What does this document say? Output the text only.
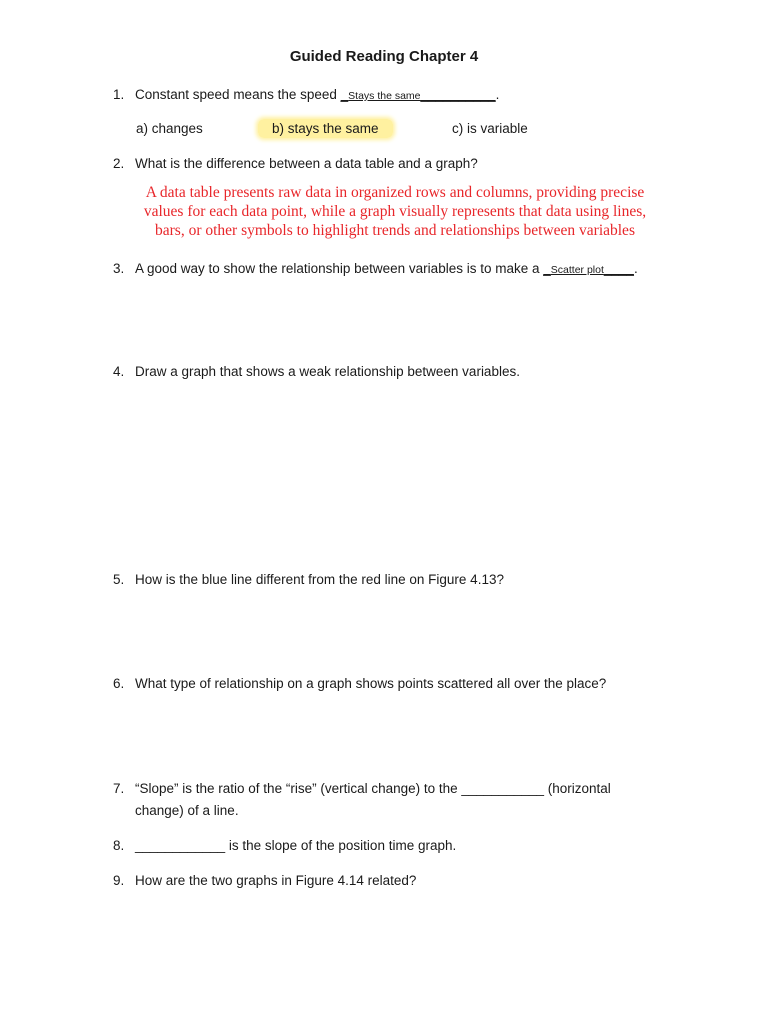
Guided Reading Chapter 4
1. Constant speed means the speed _Stays the same__________.
a) changes	b) stays the same	c) is variable
2. What is the difference between a data table and a graph?
A data table presents raw data in organized rows and columns, providing precise
values for each data point, while a graph visually represents that data using lines,
bars, or other symbols to highlight trends and relationships between variables
3. A good way to show the relationship between variables is to make a _Scatter plot____.
4. Draw a graph that shows a weak relationship between variables.
5. How is the blue line different from the red line on Figure 4.13?
6. What type of relationship on a graph shows points scattered all over the place?
7. “Slope” is the ratio of the “rise” (vertical change) to the ___________ (horizontal
change) of a line.
8. ____________ is the slope of the position time graph.
9. How are the two graphs in Figure 4.14 related?
